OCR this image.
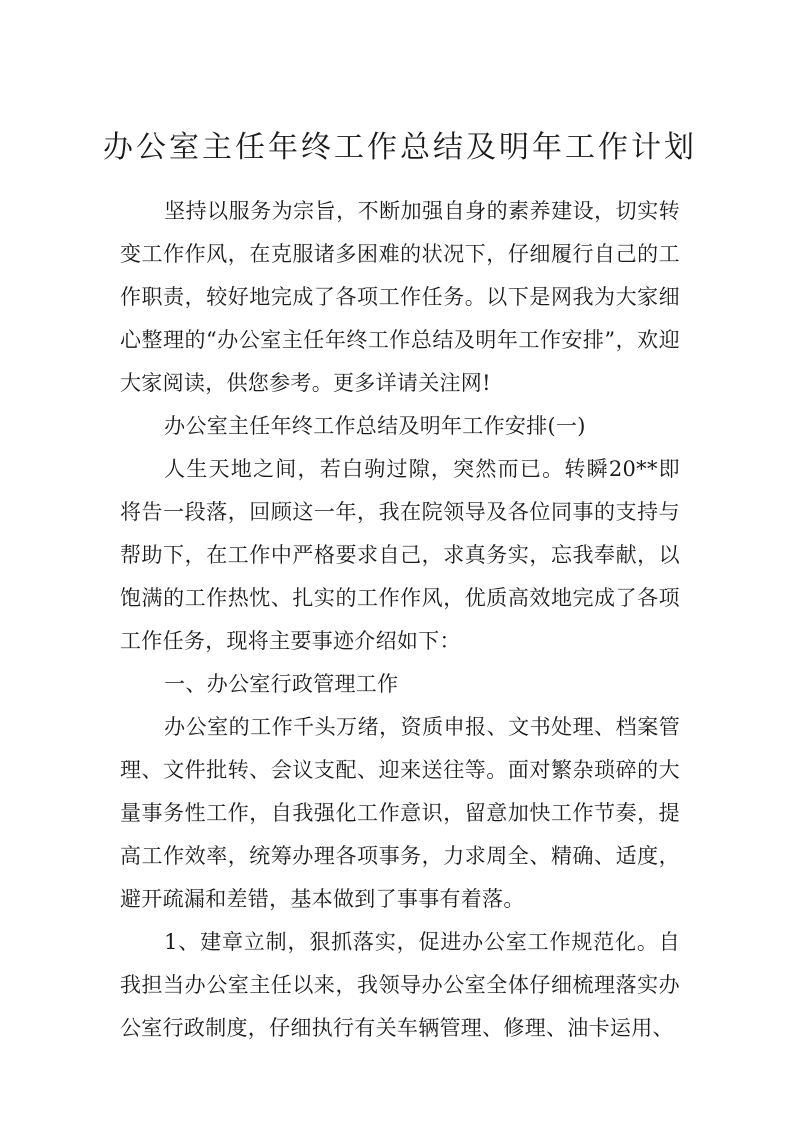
办公室主任年终工作总结及明年工作计划

坚持以服务为宗旨，不断加强自身的素养建设，切实转变工作作风，在克服诸多困难的状况下，仔细履行自己的工作职责，较好地完成了各项工作任务。以下是网我为大家细心整理的“办公室主任年终工作总结及明年工作安排”，欢迎大家阅读，供您参考。更多详请关注网!

办公室主任年终工作总结及明年工作安排(一)

人生天地之间，若白驹过隙，突然而已。转瞬20**即将告一段落，回顾这一年，我在院领导及各位同事的支持与帮助下，在工作中严格要求自己，求真务实，忘我奉献，以饱满的工作热忱、扎实的工作作风，优质高效地完成了各项工作任务，现将主要事迹介绍如下：

一、办公室行政管理工作

办公室的工作千头万绪，资质申报、文书处理、档案管理、文件批转、会议支配、迎来送往等。面对繁杂琐碎的大量事务性工作，自我强化工作意识，留意加快工作节奏，提高工作效率，统筹办理各项事务，力求周全、精确、适度，避开疏漏和差错，基本做到了事事有着落。

1、建章立制，狠抓落实，促进办公室工作规范化。自我担当办公室主任以来，我领导办公室全体仔细梳理落实办公室行政制度，仔细执行有关车辆管理、修理、油卡运用、
